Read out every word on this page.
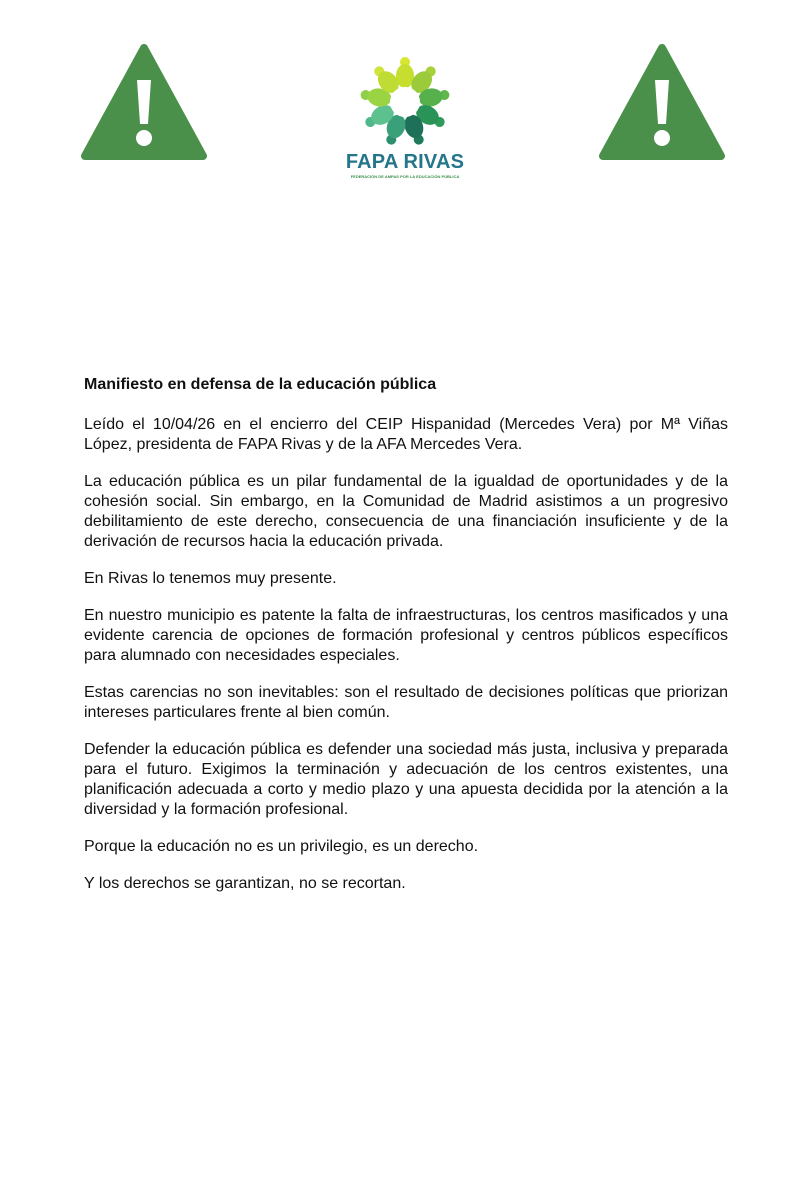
FAPA RIVAS
FEDERACIÓN DE AMPAS POR LA EDUCACIÓN PÚBLICA
Manifiesto en defensa de la educación pública

Leído el 10/04/26 en el encierro del CEIP Hispanidad (Mercedes Vera) por Mª Viñas López, presidenta de FAPA Rivas y de la AFA Mercedes Vera.

La educación pública es un pilar fundamental de la igualdad de oportunidades y de la cohesión social. Sin embargo, en la Comunidad de Madrid asistimos a un progresivo debilitamiento de este derecho, consecuencia de una financiación insuficiente y de la derivación de recursos hacia la educación privada.

En Rivas lo tenemos muy presente.

En nuestro municipio es patente la falta de infraestructuras, los centros masificados y una evidente carencia de opciones de formación profesional y centros públicos específicos para alumnado con necesidades especiales.

Estas carencias no son inevitables: son el resultado de decisiones políticas que priorizan intereses particulares frente al bien común.

Defender la educación pública es defender una sociedad más justa, inclusiva y preparada para el futuro. Exigimos la terminación y adecuación de los centros existentes, una planificación adecuada a corto y medio plazo y una apuesta decidida por la atención a la diversidad y la formación profesional.

Porque la educación no es un privilegio, es un derecho.

Y los derechos se garantizan, no se recortan.
